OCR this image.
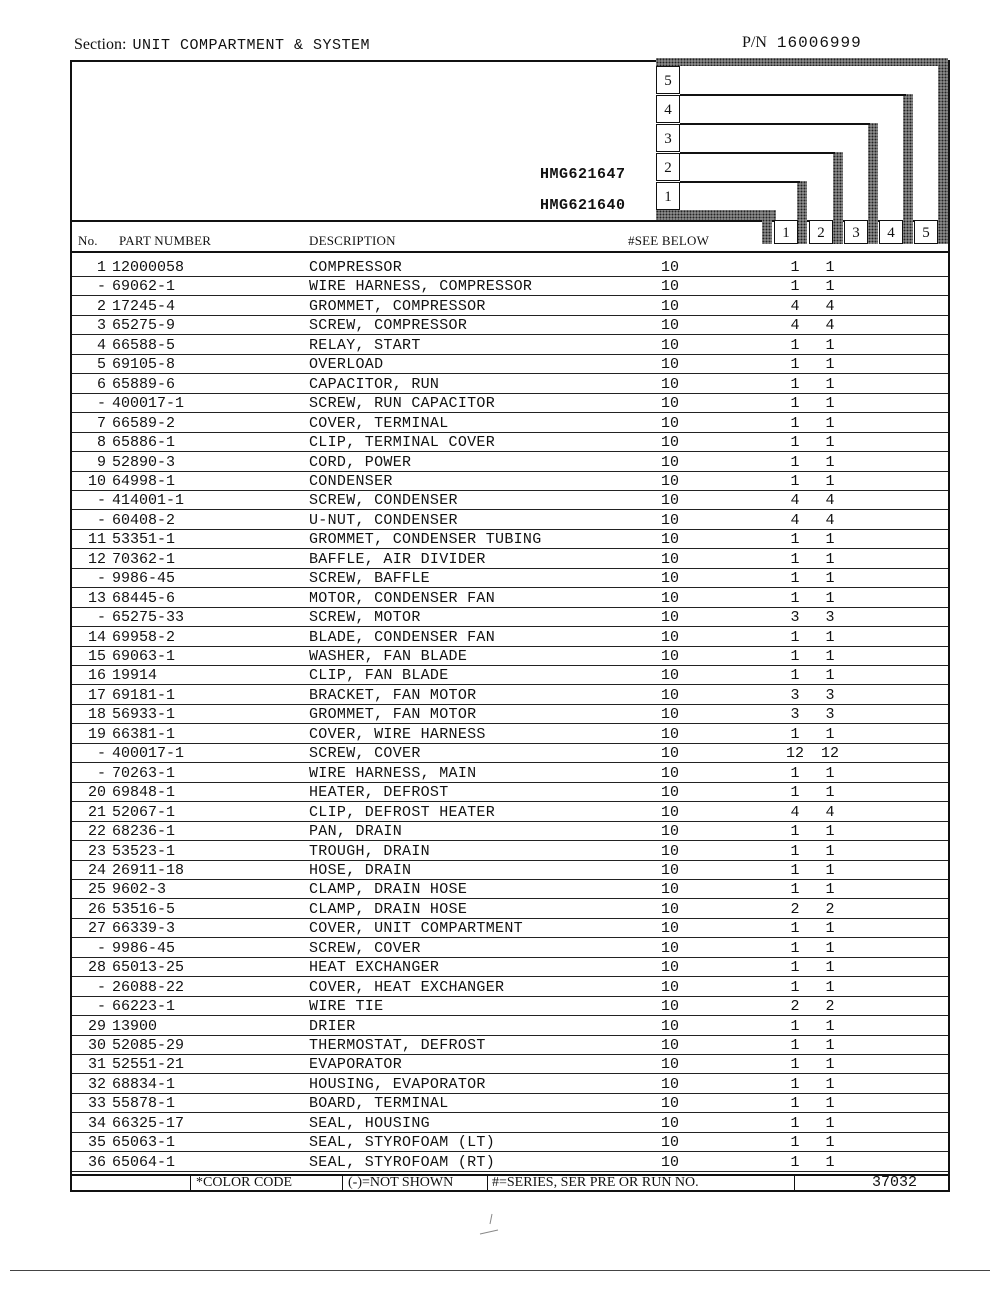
Section: UNIT COMPARTMENT & SYSTEM	P/N 16006999
HMG621647
HMG621640
5
4
3
2
1
1	2	3	4	5
No. PART NUMBER	DESCRIPTION	#SEE BELOW
1 12000058	COMPRESSOR	10	1	1
- 69062-1	WIRE HARNESS, COMPRESSOR	10	1	1
2 17245-4	GROMMET, COMPRESSOR	10	4	4
3 65275-9	SCREW, COMPRESSOR	10	4	4
4 66588-5	RELAY, START	10	1	1
5 69105-8	OVERLOAD	10	1	1
6 65889-6	CAPACITOR, RUN	10	1	1
- 400017-1	SCREW, RUN CAPACITOR	10	1	1
7 66589-2	COVER, TERMINAL	10	1	1
8 65886-1	CLIP, TERMINAL COVER	10	1	1
9 52890-3	CORD, POWER	10	1	1
10 64998-1	CONDENSER	10	1	1
- 414001-1	SCREW, CONDENSER	10	4	4
- 60408-2	U-NUT, CONDENSER	10	4	4
11 53351-1	GROMMET, CONDENSER TUBING	10	1	1
12 70362-1	BAFFLE, AIR DIVIDER	10	1	1
- 9986-45	SCREW, BAFFLE	10	1	1
13 68445-6	MOTOR, CONDENSER FAN	10	1	1
- 65275-33	SCREW, MOTOR	10	3	3
14 69958-2	BLADE, CONDENSER FAN	10	1	1
15 69063-1	WASHER, FAN BLADE	10	1	1
16 19914	CLIP, FAN BLADE	10	1	1
17 69181-1	BRACKET, FAN MOTOR	10	3	3
18 56933-1	GROMMET, FAN MOTOR	10	3	3
19 66381-1	COVER, WIRE HARNESS	10	1	1
- 400017-1	SCREW, COVER	10	12 12
- 70263-1	WIRE HARNESS, MAIN	10	1	1
20 69848-1	HEATER, DEFROST	10	1	1
21 52067-1	CLIP, DEFROST HEATER	10	4	4
22 68236-1	PAN, DRAIN	10	1	1
23 53523-1	TROUGH, DRAIN	10	1	1
24 26911-18	HOSE, DRAIN	10	1	1
25 9602-3	CLAMP, DRAIN HOSE	10	1	1
26 53516-5	CLAMP, DRAIN HOSE	10	2	2
27 66339-3	COVER, UNIT COMPARTMENT	10	1	1
- 9986-45	SCREW, COVER	10	1	1
28 65013-25	HEAT EXCHANGER	10	1	1
- 26088-22	COVER, HEAT EXCHANGER	10	1	1
- 66223-1	WIRE TIE	10	2	2
29 13900	DRIER	10	1	1
30 52085-29	THERMOSTAT, DEFROST	10	1	1
31 52551-21	EVAPORATOR	10	1	1
32 68834-1	HOUSING, EVAPORATOR	10	1	1
33 55878-1	BOARD, TERMINAL	10	1	1
34 66325-17	SEAL, HOUSING	10	1	1
35 65063-1	SEAL, STYROFOAM (LT)	10	1	1
36 65064-1	SEAL, STYROFOAM (RT)	10	1	1
*COLOR CODE	(-)=NOT SHOWN	#=SERIES, SER PRE OR RUN NO.	37032
